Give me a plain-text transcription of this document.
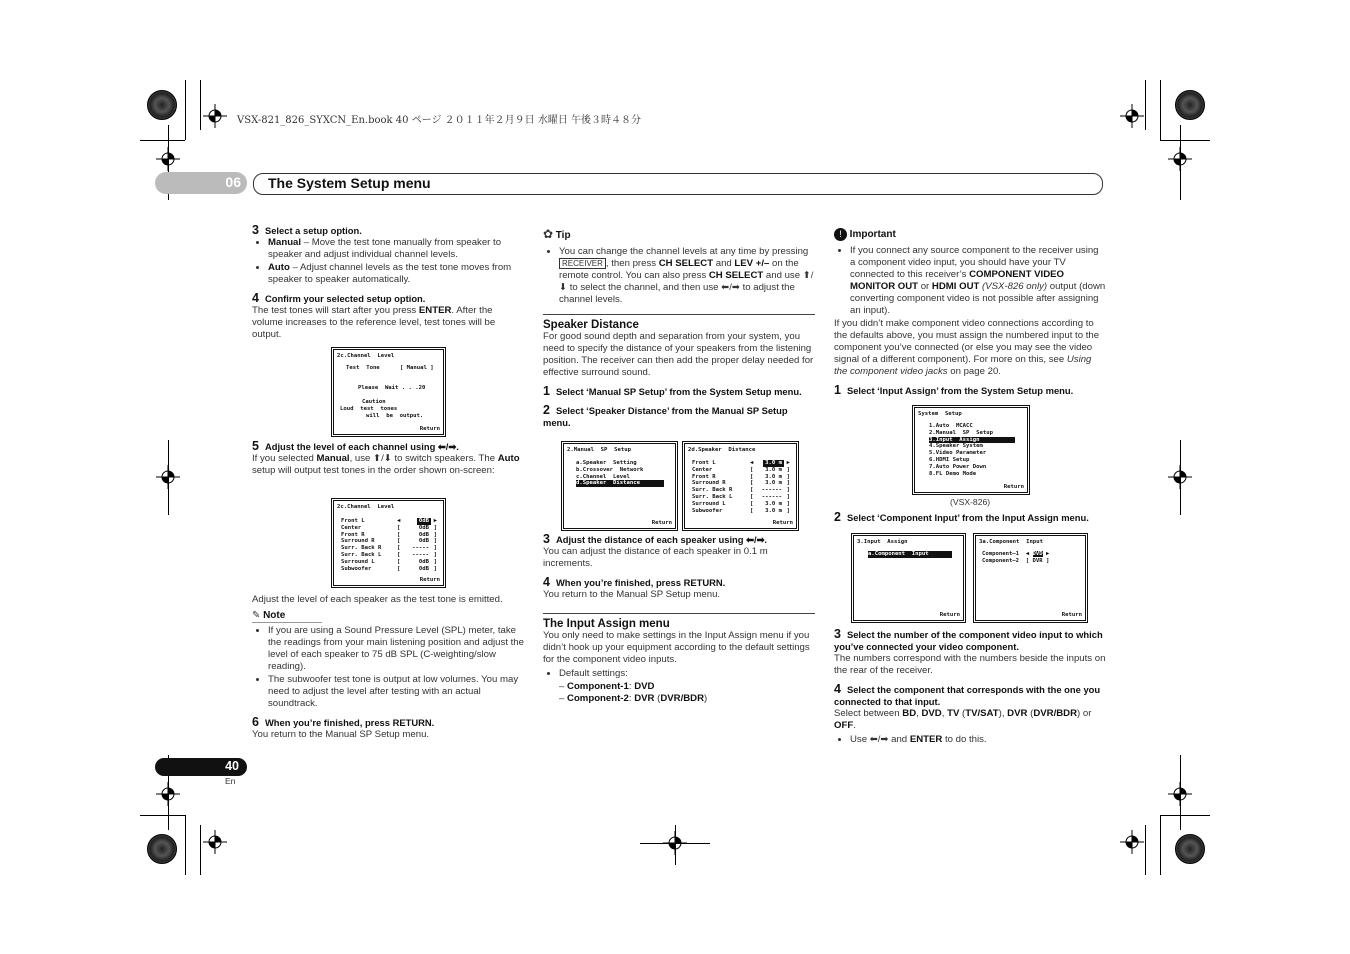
VSX-821_826_SYXCN_En.book 40 ページ ２０１１年２月９日 水曜日 午後３時４８分
06 The System Setup menu
3 Select a setup option.
• Manual – Move the test tone manually from speaker to speaker and adjust individual channel levels.
• Auto – Adjust channel levels as the test tone moves from speaker to speaker automatically.
4 Confirm your selected setup option.
The test tones will start after you press ENTER. After the volume increases to the reference level, test tones will be output.
2c.Channel  Level
Test  Tone      [ Manual ]
Please  Wait . . .20
Caution
Loud  test  tones
will  be  output.
Return
5 Adjust the level of each channel using ⬅/➡.
If you selected Manual, use ⬆/⬇ to switch speakers. The Auto setup will output test tones in the order shown on-screen:
2c.Channel  Level
Front L	◀	0dB ▶
Center	[	0dB ]
Front R	[	0dB ]
Surround R	[	0dB ]
Surr. Back R	[	----- ]
Surr. Back L	[	----- ]
Surround L	[	0dB ]
Subwoofer	[	0dB ]
Return
Adjust the level of each speaker as the test tone is emitted.
✎ Note
• If you are using a Sound Pressure Level (SPL) meter, take the readings from your main listening position and adjust the level of each speaker to 75 dB SPL (C-weighting/slow reading).
• The subwoofer test tone is output at low volumes. You may need to adjust the level after testing with an actual soundtrack.
6 When you’re finished, press RETURN.
You return to the Manual SP Setup menu.
✿ Tip
• You can change the channel levels at any time by pressing RECEIVER , then press CH SELECT and LEV +/– on the remote control. You can also press CH SELECT and use ⬆/⬇ to select the channel, and then use ⬅/➡ to adjust the channel levels.
Speaker Distance
For good sound depth and separation from your system, you need to specify the distance of your speakers from the listening position. The receiver can then add the proper delay needed for effective surround sound.
1 Select ‘Manual SP Setup’ from the System Setup menu.
2 Select ‘Speaker Distance’ from the Manual SP Setup menu.
2.Manual  SP  Setup
a.Speaker  Setting
b.Crossover  Network
c.Channel  Level
d.Speaker  Distance
Return
2d.Speaker  Distance
Front L	◀	3.0 m ▶
Center	[	3.0 m ]
Front R	[	3.0 m ]
Surround R	[	3.0 m ]
Surr. Back R	[	------ ]
Surr. Back L	[	------ ]
Surround L	[	3.0 m ]
Subwoofer	[	3.0 m ]
Return
3 Adjust the distance of each speaker using ⬅/➡.
You can adjust the distance of each speaker in 0.1 m increments.
4 When you’re finished, press RETURN.
You return to the Manual SP Setup menu.
The Input Assign menu
You only need to make settings in the Input Assign menu if you didn’t hook up your equipment according to the default settings for the component video inputs.
• Default settings:
– Component-1: DVD
– Component-2: DVR (DVR/BDR)
! Important
• If you connect any source component to the receiver using a component video input, you should have your TV connected to this receiver’s COMPONENT VIDEO MONITOR OUT or HDMI OUT (VSX-826 only) output (down converting component video is not possible after assigning an input).
If you didn’t make component video connections according to the defaults above, you must assign the numbered input to the component you’ve connected (or else you may see the video signal of a different component). For more on this, see Using the component video jacks on page 20.
1 Select ‘Input Assign’ from the System Setup menu.
System  Setup
1.Auto  MCACC
2.Manual  SP  Setup
3.Input  Assign
4.Speaker System
5.Video Parameter
6.HDMI Setup
7.Auto Power Down
8.FL Demo Mode
Return
(VSX-826)
2 Select ‘Component Input’ from the Input Assign menu.
3.Input  Assign
a.Component  Input
Return
3a.Component  Input
Component–1  ◀ DVD ▶
Component–2  [ DVR ]
Return
3 Select the number of the component video input to which you’ve connected your video component.
The numbers correspond with the numbers beside the inputs on the rear of the receiver.
4 Select the component that corresponds with the one you connected to that input.
Select between BD, DVD, TV (TV/SAT), DVR (DVR/BDR) or OFF.
• Use ⬅/➡ and ENTER to do this.
40
En
